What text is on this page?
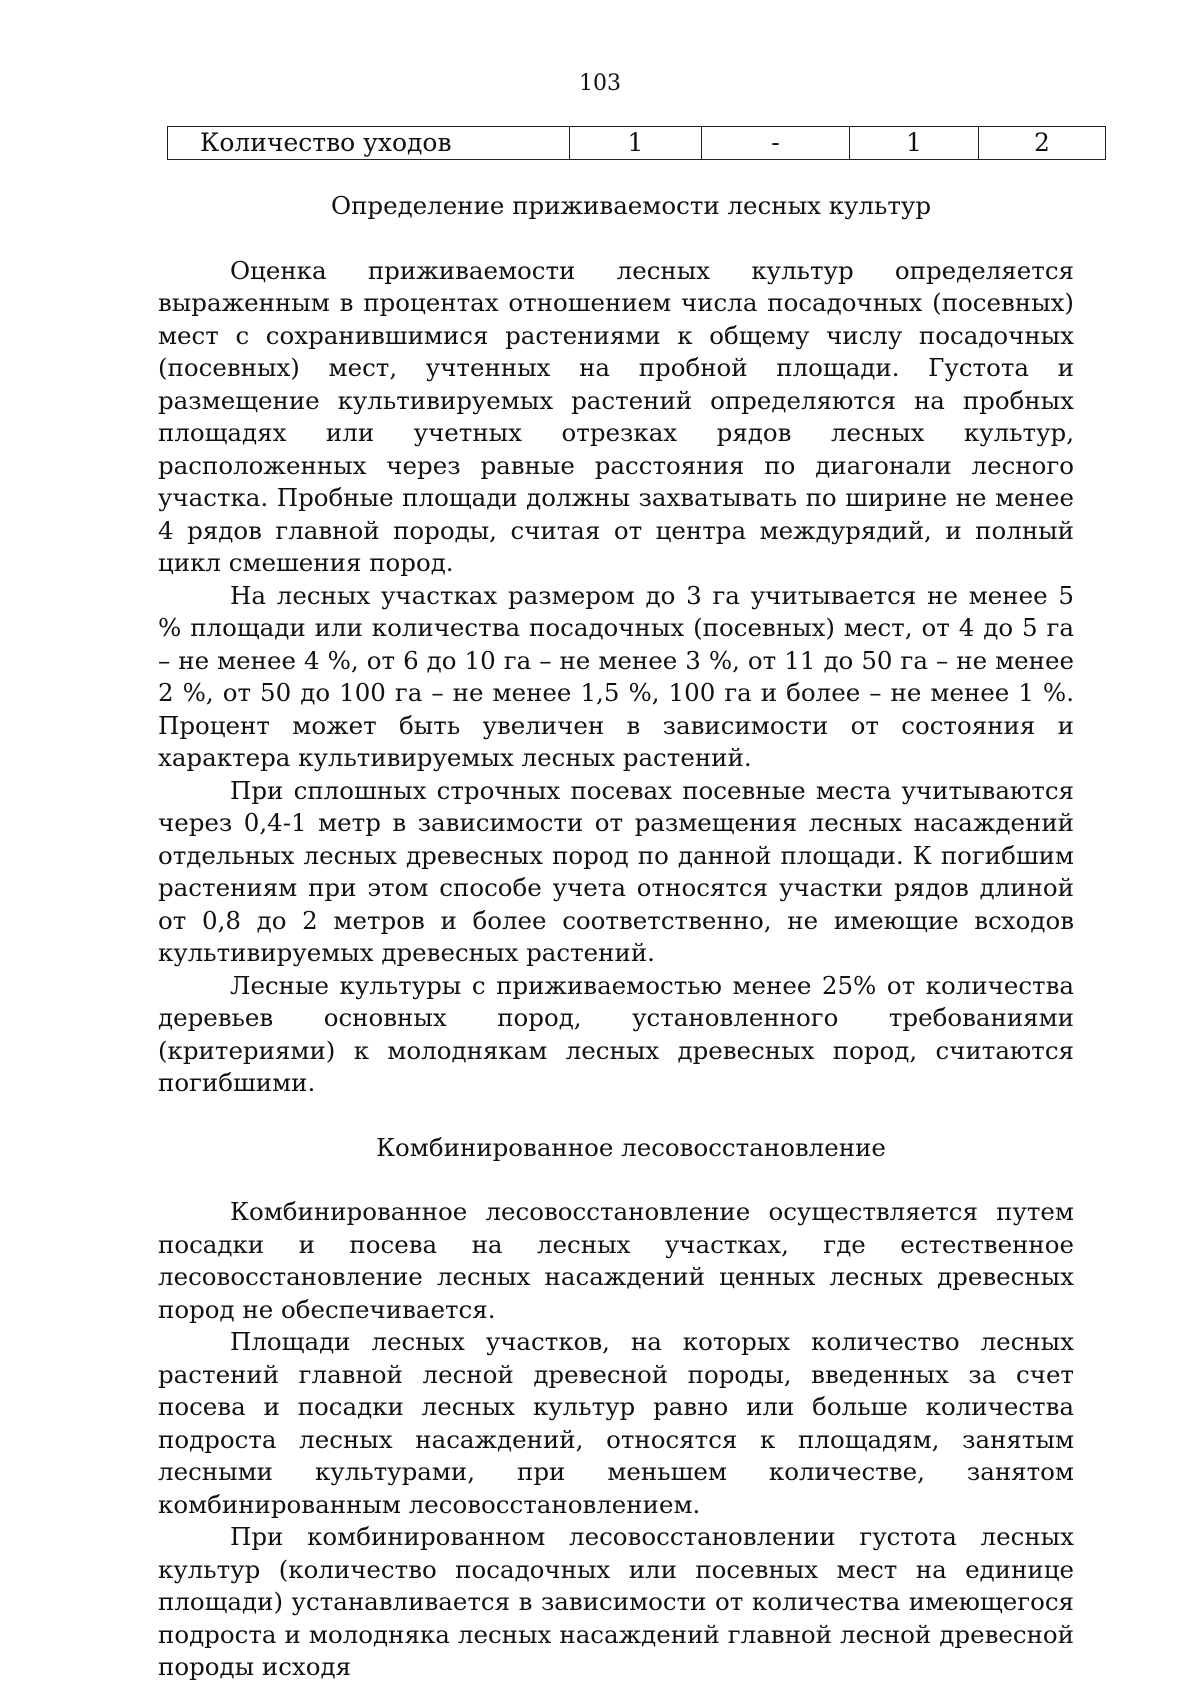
103
Количество уходов	1	-	1	2
Определение приживаемости лесных культур

Оценка приживаемости лесных культур определяется выраженным в процентах отношением числа посадочных (посевных) мест с сохранившимися растениями к общему числу посадочных (посевных) мест, учтенных на пробной площади. Густота и размещение культивируемых растений определяются на пробных площадях или учетных отрезках рядов лесных культур, расположенных через равные расстояния по диагонали лесного участка. Пробные площади должны захватывать по ширине не менее 4 рядов главной породы, считая от центра междурядий, и полный цикл смешения пород.

На лесных участках размером до 3 га учитывается не менее 5 % площади или количества посадочных (посевных) мест, от 4 до 5 га – не менее 4 %, от 6 до 10 га – не менее 3 %, от 11 до 50 га – не менее 2 %, от 50 до 100 га – не менее 1,5 %, 100 га и более – не менее 1 %. Процент может быть увеличен в зависимости от состояния и характера культивируемых лесных растений.

При сплошных строчных посевах посевные места учитываются через 0,4-1 метр в зависимости от размещения лесных насаждений отдельных лесных древесных пород по данной площади. К погибшим растениям при этом способе учета относятся участки рядов длиной от 0,8 до 2 метров и более соответственно, не имеющие всходов культивируемых древесных растений.

Лесные культуры с приживаемостью менее 25% от количества деревьев основных пород, установленного требованиями (критериями) к молоднякам лесных древесных пород, считаются погибшими.

Комбинированное лесовосстановление

Комбинированное лесовосстановление осуществляется путем посадки и посева на лесных участках, где естественное лесовосстановление лесных насаждений ценных лесных древесных пород не обеспечивается.

Площади лесных участков, на которых количество лесных растений главной лесной древесной породы, введенных за счет посева и посадки лесных культур равно или больше количества подроста лесных насаждений, относятся к площадям, занятым лесными культурами, при меньшем количестве, занятом комбинированным лесовосстановлением.

При комбинированном лесовосстановлении густота лесных культур (количество посадочных или посевных мест на единице площади) устанавливается в зависимости от количества имеющегося подроста и молодняка лесных насаждений главной лесной древесной породы исходя
